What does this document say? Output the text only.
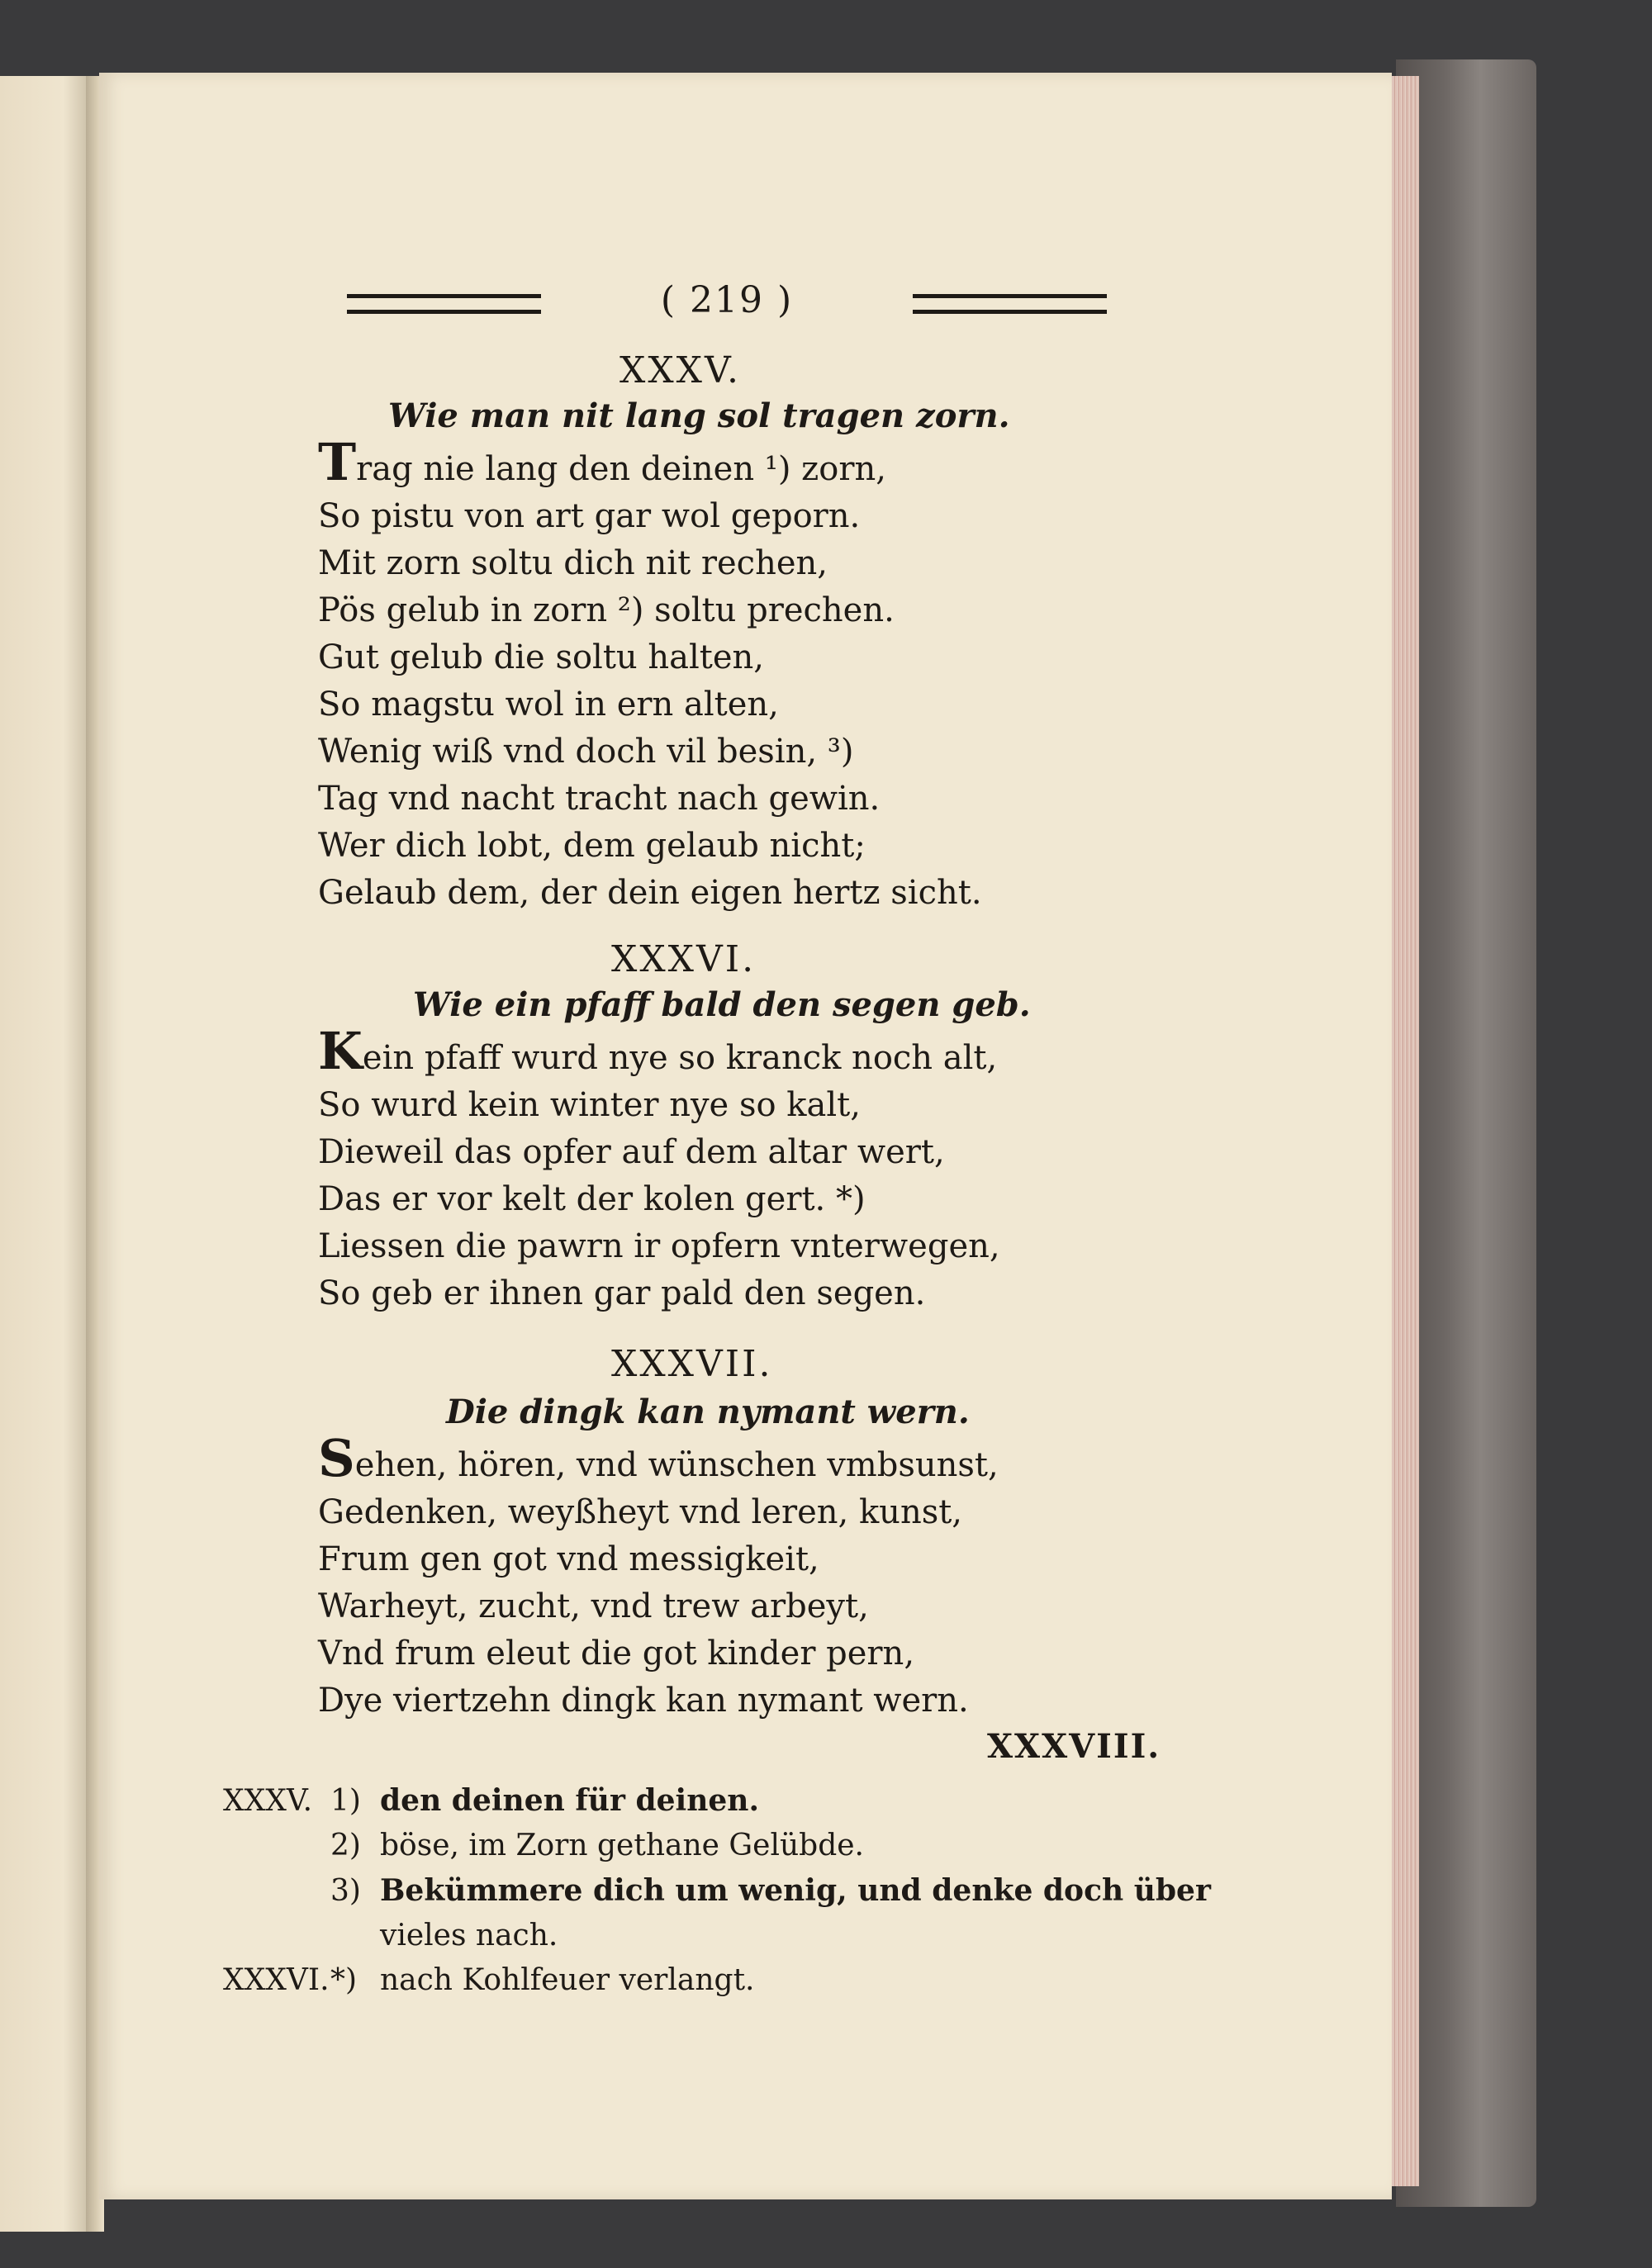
( 219 )
XXXV.
Wie man nit lang sol tragen zorn.
Trag nie lang den deinen ¹) zorn,
So pistu von art gar wol geporn.
Mit zorn soltu dich nit rechen,
Pös gelub in zorn ²) soltu prechen.
Gut gelub die soltu halten,
So magstu wol in ern alten,
Wenig wiß vnd doch vil besin, ³)
Tag vnd nacht tracht nach gewin.
Wer dich lobt, dem gelaub nicht;
Gelaub dem, der dein eigen hertz sicht.
XXXVI.
Wie ein pfaff bald den segen geb.
Kein pfaff wurd nye so kranck noch alt,
So wurd kein winter nye so kalt,
Dieweil das opfer auf dem altar wert,
Das er vor kelt der kolen gert. *)
Liessen die pawrn ir opfern vnterwegen,
So geb er ihnen gar pald den segen.
XXXVII.
Die dingk kan nymant wern.
Sehen, hören, vnd wünschen vmbsunst,
Gedenken, weyßheyt vnd leren, kunst,
Frum gen got vnd messigkeit,
Warheyt, zucht, vnd trew arbeyt,
Vnd frum eleut die got kinder pern,
Dye viertzehn dingk kan nymant wern.
XXXVIII.
XXXV. 1) den deinen für deinen.
2) böse, im Zorn gethane Gelübde.
3) Bekümmere dich um wenig, und denke doch über
vieles nach.
XXXVI.*) nach Kohlfeuer verlangt.
